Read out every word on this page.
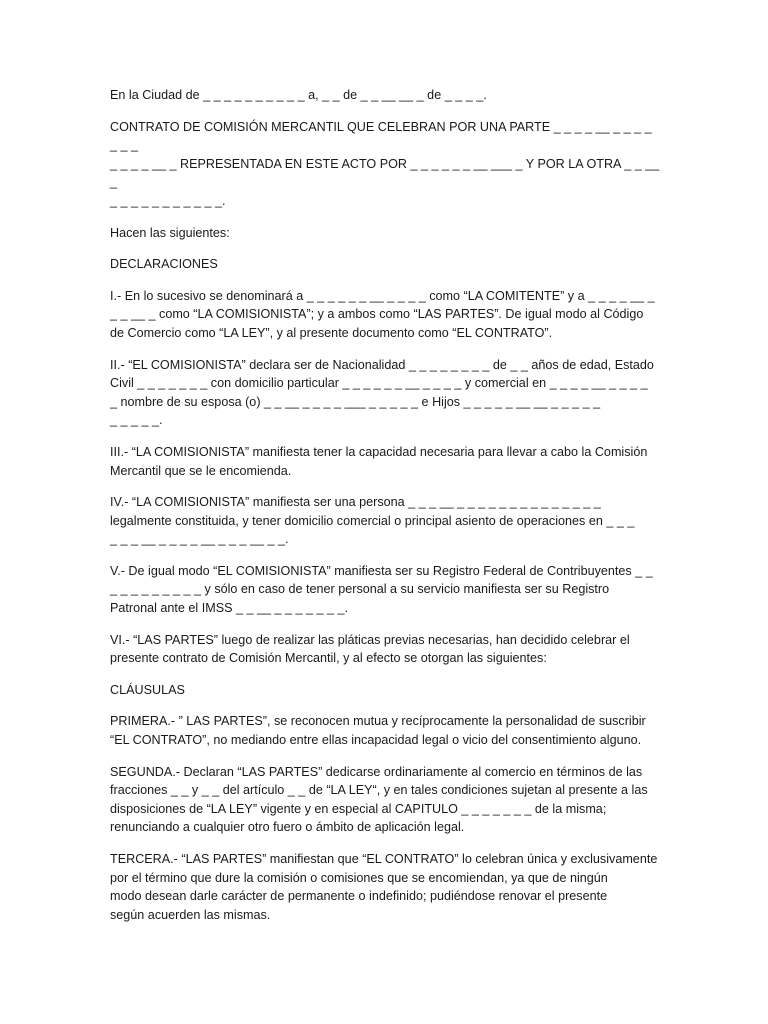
En la Ciudad de _ _ _ _ _ _ _ _ _ _ a, _ _ de _ _ __ __ _ de _ _ _ _.

CONTRATO DE COMISIÓN MERCANTIL QUE CELEBRAN POR UNA PARTE _ _ _ _ __ _ _ _ _ _ _ _
_ _ _ _ __ _ REPRESENTADA EN ESTE ACTO POR _ _ _ _ _ _ __ ___ _ Y POR LA OTRA _ _ __ _
_ _ _ _ _ _ _ _ _ _ _.

Hacen las siguientes:

DECLARACIONES

I.- En lo sucesivo se denominará a _ _ _ _ _ _ __ _ _ _ _ como “LA COMITENTE” y a _ _ _ _ __ _
_ _ __ _ como “LA COMISIONISTA”; y a ambos como “LAS PARTES”. De igual modo al Código
de Comercio como “LA LEY”, y al presente documento como “EL CONTRATO”.

II.- “EL COMISIONISTA” declara ser de Nacionalidad _ _ _ _ _ _ _ _ de _ _ años de edad, Estado
Civil _ _ _ _ _ _ _ con domicilio particular _ _ _ _ _ _ __ _ _ _ _ y comercial en _ _ _ _ __ _ _ _ _
_ nombre de su esposa (o) _ _ __ _ _ _ _ ___ _ _ _ _ _ e Hijos _ _ _ _ _ __ __ _ _ _ _ _
_ _ _ _ _.

III.- “LA COMISIONISTA” manifiesta tener la capacidad necesaria para llevar a cabo la Comisión
Mercantil que se le encomienda.

IV.- “LA COMISIONISTA” manifiesta ser una persona _ _ _ __ _ _ _ _ _ _ _ _ _ _ _ _ _ _
legalmente constituida, y tener domicilio comercial o principal asiento de operaciones en _ _ _
_ _ _ __ _ _ _ _ __ _ _ _ __ _ _.

V.- De igual modo “EL COMISIONISTA” manifiesta ser su Registro Federal de Contribuyentes _ _
_ _ _ _ _ _ _ _ _ y sólo en caso de tener personal a su servicio manifiesta ser su Registro
Patronal ante el IMSS _ _ __ _ _ _ _ _ _ _.

VI.- “LAS PARTES” luego de realizar las pláticas previas necesarias, han decidido celebrar el
presente contrato de Comisión Mercantil, y al efecto se otorgan las siguientes:

CLÁUSULAS

PRIMERA.- ” LAS PARTES”, se reconocen mutua y recíprocamente la personalidad de suscribir
“EL CONTRATO”, no mediando entre ellas incapacidad legal o vicio del consentimiento alguno.

SEGUNDA.- Declaran “LAS PARTES” dedicarse ordinariamente al comercio en términos de las
fracciones _ _ y _ _ del artículo _ _ de “LA LEY“, y en tales condiciones sujetan al presente a las
disposiciones de “LA LEY” vigente y en especial al CAPITULO _ _ _ _ _ _ _ de la misma;
renunciando a cualquier otro fuero o ámbito de aplicación legal.

TERCERA.- “LAS PARTES” manifiestan que “EL CONTRATO” lo celebran única y exclusivamente
por el término que dure la comisión o comisiones que se encomiendan, ya que de ningún
modo desean darle carácter de permanente o indefinido; pudiéndose renovar el presente
según acuerden las mismas.
